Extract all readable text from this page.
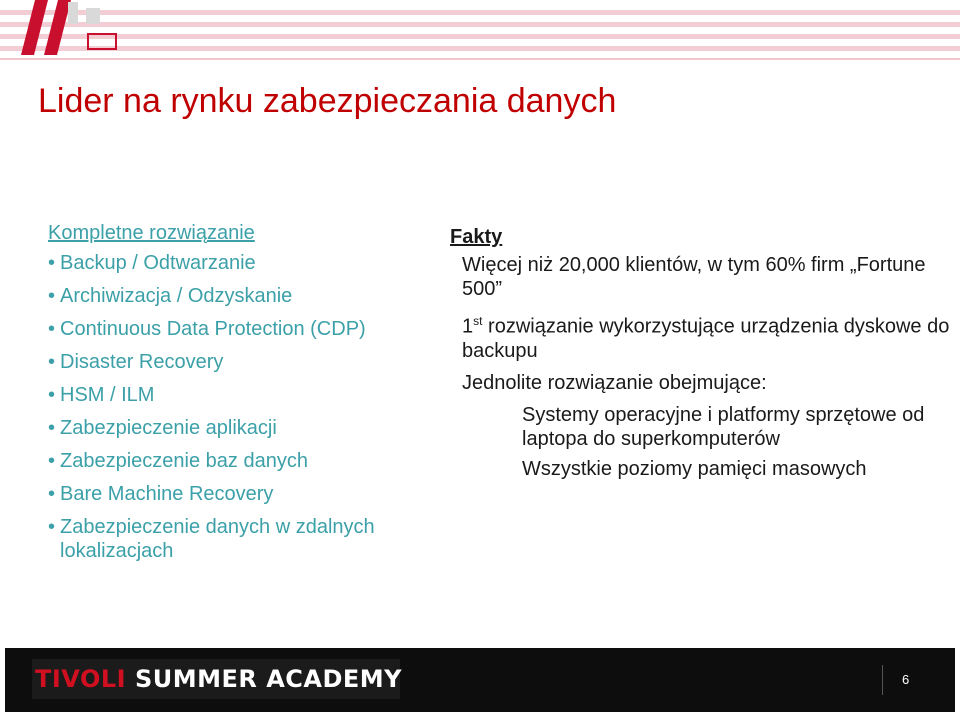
Lider na rynku zabezpieczania danych
Kompletne rozwiązanie
• Backup / Odtwarzanie
• Archiwizacja / Odzyskanie
• Continuous Data Protection (CDP)
• Disaster Recovery
• HSM / ILM
• Zabezpieczenie aplikacji
• Zabezpieczenie baz danych
• Bare Machine Recovery
• Zabezpieczenie danych w zdalnych lokalizacjach
Fakty
Więcej niż 20,000 klientów, w tym 60% firm „Fortune 500”
1st rozwiązanie wykorzystujące urządzenia dyskowe do backupu
Jednolite rozwiązanie obejmujące:
Systemy operacyjne i platformy sprzętowe od laptopa do superkomputerów
Wszystkie poziomy pamięci masowych
TIVOLI SUMMER ACADEMY	6
